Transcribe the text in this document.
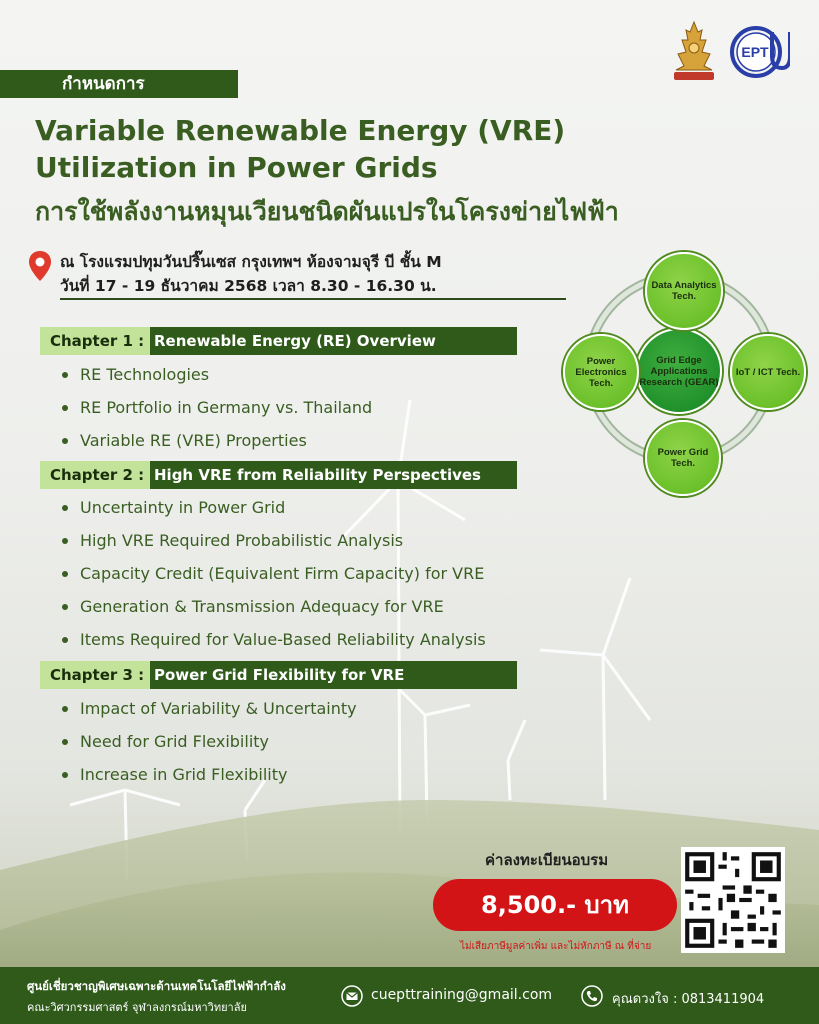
EPT
กำหนดการ
Variable Renewable Energy (VRE)
Utilization in Power Grids
การใช้พลังงานหมุนเวียนชนิดผันแปรในโครงข่ายไฟฟ้า
ณ โรงแรมปทุมวันปริ๊นเซส กรุงเทพฯ ห้องจามจุรี บี ชั้น M
วันที่ 17 - 19 ธันวาคม 2568 เวลา 8.30 - 16.30 น.
Chapter 1 : Renewable Energy (RE) Overview
RE Technologies
RE Portfolio in Germany vs. Thailand
Variable RE (VRE) Properties
Chapter 2 : High VRE from Reliability Perspectives
Uncertainty in Power Grid
High VRE Required Probabilistic Analysis
Capacity Credit (Equivalent Firm Capacity) for VRE
Generation & Transmission Adequacy for VRE
Items Required for Value-Based Reliability Analysis
Chapter 3 : Power Grid Flexibility for VRE
Impact of Variability & Uncertainty
Need for Grid Flexibility
Increase in Grid Flexibility
Grid Edge Applications Research (GEAR)
Data Analytics Tech.
Power Electronics Tech.
IoT / ICT Tech.
Power Grid Tech.
ค่าลงทะเบียนอบรม
8,500.- บาท
ไม่เสียภาษีมูลค่าเพิ่ม และไม่หักภาษี ณ ที่จ่าย
ศูนย์เชี่ยวชาญพิเศษเฉพาะด้านเทคโนโลยีไฟฟ้ากำลัง
คณะวิศวกรรมศาสตร์ จุฬาลงกรณ์มหาวิทยาลัย
cuepttraining@gmail.com	คุณดวงใจ : 0813411904
